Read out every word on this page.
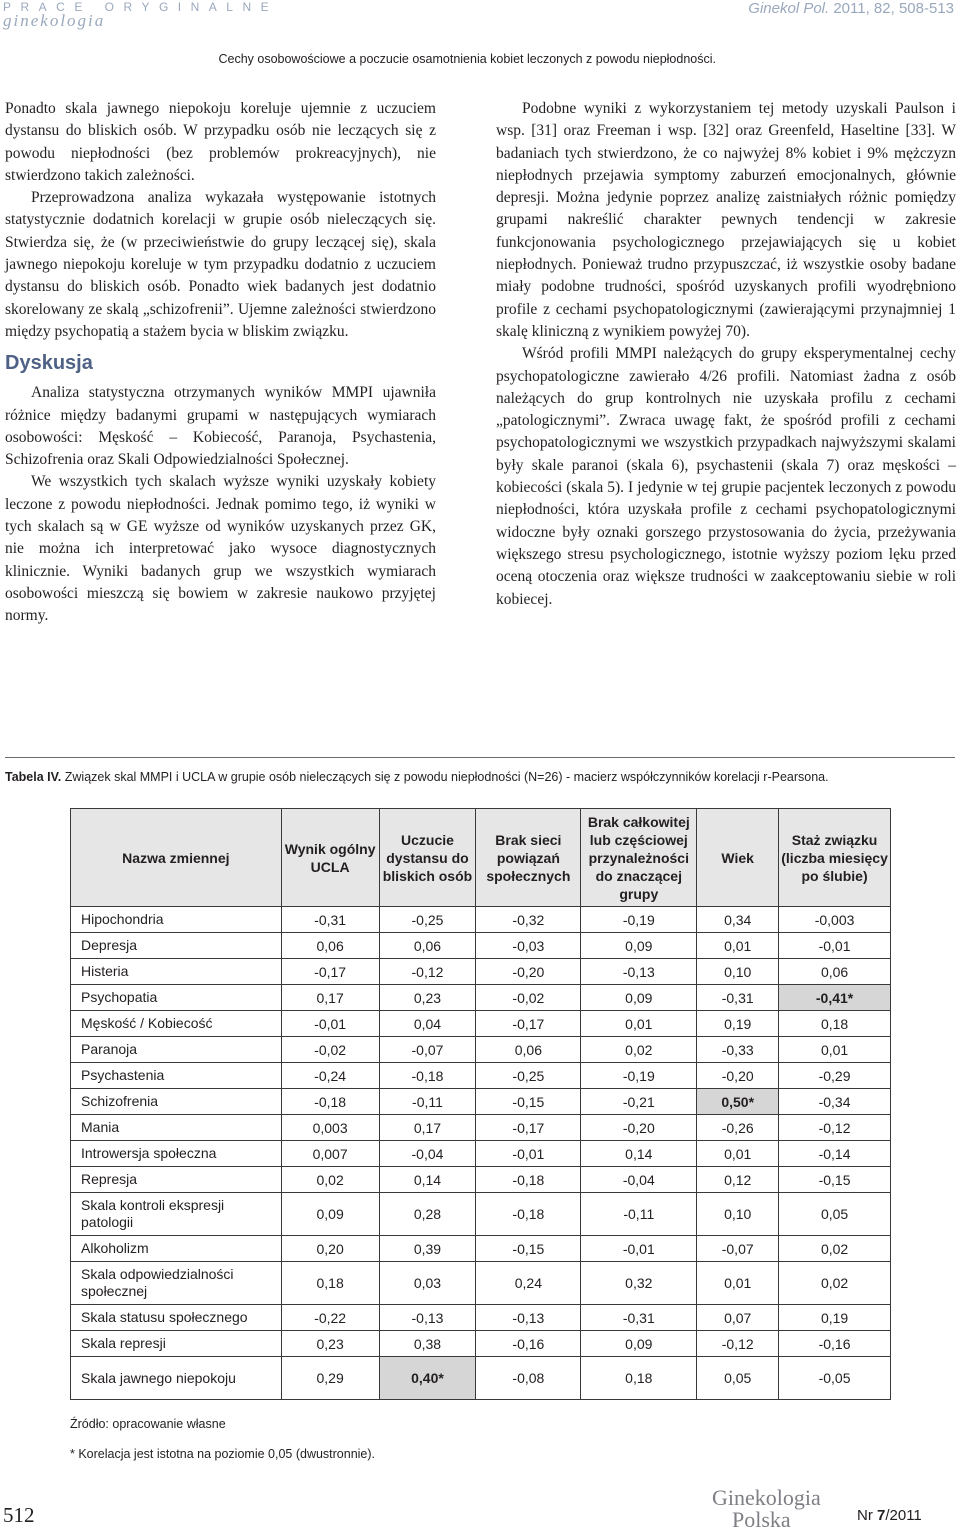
PRACE ORYGINALNE
ginekologia
Ginekol Pol. 2011, 82, 508-513
Cechy osobowościowe a poczucie osamotnienia kobiet leczonych z powodu niepłodności.

Ponadto skala jawnego niepokoju koreluje ujemnie z uczuciem dystansu do bliskich osób. W przypadku osób nie leczących się z powodu niepłodności (bez problemów prokreacyjnych), nie stwierdzono takich zależności.

Przeprowadzona analiza wykazała występowanie istotnych statystycznie dodatnich korelacji w grupie osób nieleczących się. Stwierdza się, że (w przeciwieństwie do grupy leczącej się), skala jawnego niepokoju koreluje w tym przypadku dodatnio z uczuciem dystansu do bliskich osób. Ponadto wiek badanych jest dodatnio skorelowany ze skalą „schizofrenii”. Ujemne zależności stwierdzono między psychopatią a stażem bycia w bliskim związku.

Dyskusja

Analiza statystyczna otrzymanych wyników MMPI ujawniła różnice między badanymi grupami w następujących wymiarach osobowości: Męskość – Kobiecość, Paranoja, Psychastenia, Schizofrenia oraz Skali Odpowiedzialności Społecznej.

We wszystkich tych skalach wyższe wyniki uzyskały kobiety leczone z powodu niepłodności. Jednak pomimo tego, iż wyniki w tych skalach są w GE wyższe od wyników uzyskanych przez GK, nie można ich interpretować jako wysoce diagnostycznych klinicznie. Wyniki badanych grup we wszystkich wymiarach osobowości mieszczą się bowiem w zakresie naukowo przyjętej normy.

Podobne wyniki z wykorzystaniem tej metody uzyskali Paulson i wsp. [31] oraz Freeman i wsp. [32] oraz Greenfeld, Haseltine [33]. W badaniach tych stwierdzono, że co najwyżej 8% kobiet i 9% mężczyzn niepłodnych przejawia symptomy zaburzeń emocjonalnych, głównie depresji. Można jedynie poprzez analizę zaistniałych różnic pomiędzy grupami nakreślić charakter pewnych tendencji w zakresie funkcjonowania psychologicznego przejawiających się u kobiet niepłodnych. Ponieważ trudno przypuszczać, iż wszystkie osoby badane miały podobne trudności, spośród uzyskanych profili wyodrębniono profile z cechami psychopatologicznymi (zawierającymi przynajmniej 1 skalę kliniczną z wynikiem powyżej 70).

Wśród profili MMPI należących do grupy eksperymentalnej cechy psychopatologiczne zawierało 4/26 profili. Natomiast żadna z osób należących do grup kontrolnych nie uzyskała profilu z cechami „patologicznymi”. Zwraca uwagę fakt, że spośród profili z cechami psychopatologicznymi we wszystkich przypadkach najwyższymi skalami były skale paranoi (skala 6), psychastenii (skala 7) oraz męskości – kobiecości (skala 5). I jedynie w tej grupie pacjentek leczonych z powodu niepłodności, która uzyskała profile z cechami psychopatologicznymi widoczne były oznaki gorszego przystosowania do życia, przeżywania większego stresu psychologicznego, istotnie wyższy poziom lęku przed oceną otoczenia oraz większe trudności w zaakceptowaniu siebie w roli kobiecej.

Tabela IV. Związek skal MMPI i UCLA w grupie osób nieleczących się z powodu niepłodności (N=26) - macierz współczynników korelacji r-Pearsona.
Nazwa zmiennej	Wynik ogólny UCLA	Uczucie dystansu do bliskich osób	Brak sieci powiązań społecznych	Brak całkowitej lub częściowej przynależności do znaczącej grupy	Wiek	Staż związku (liczba miesięcy po ślubie)
Hipochondria	-0,31	-0,25	-0,32	-0,19	0,34	-0,003
Depresja	0,06	0,06	-0,03	0,09	0,01	-0,01
Histeria	-0,17	-0,12	-0,20	-0,13	0,10	0,06
Psychopatia	0,17	0,23	-0,02	0,09	-0,31	-0,41*
Męskość / Kobiecość	-0,01	0,04	-0,17	0,01	0,19	0,18
Paranoja	-0,02	-0,07	0,06	0,02	-0,33	0,01
Psychastenia	-0,24	-0,18	-0,25	-0,19	-0,20	-0,29
Schizofrenia	-0,18	-0,11	-0,15	-0,21	0,50*	-0,34
Mania	0,003	0,17	-0,17	-0,20	-0,26	-0,12
Introwersja społeczna	0,007	-0,04	-0,01	0,14	0,01	-0,14
Represja	0,02	0,14	-0,18	-0,04	0,12	-0,15
Skala kontroli ekspresji patologii	0,09	0,28	-0,18	-0,11	0,10	0,05
Alkoholizm	0,20	0,39	-0,15	-0,01	-0,07	0,02
Skala odpowiedzialności społecznej	0,18	0,03	0,24	0,32	0,01	0,02
Skala statusu społecznego	-0,22	-0,13	-0,13	-0,31	0,07	0,19
Skala represji	0,23	0,38	-0,16	0,09	-0,12	-0,16
Skala jawnego niepokoju	0,29	0,40*	-0,08	0,18	0,05	-0,05
Źródło: opracowanie własne
* Korelacja jest istotna na poziomie 0,05 (dwustronnie).
512
Ginekologia
Polska	Nr 7/2011
